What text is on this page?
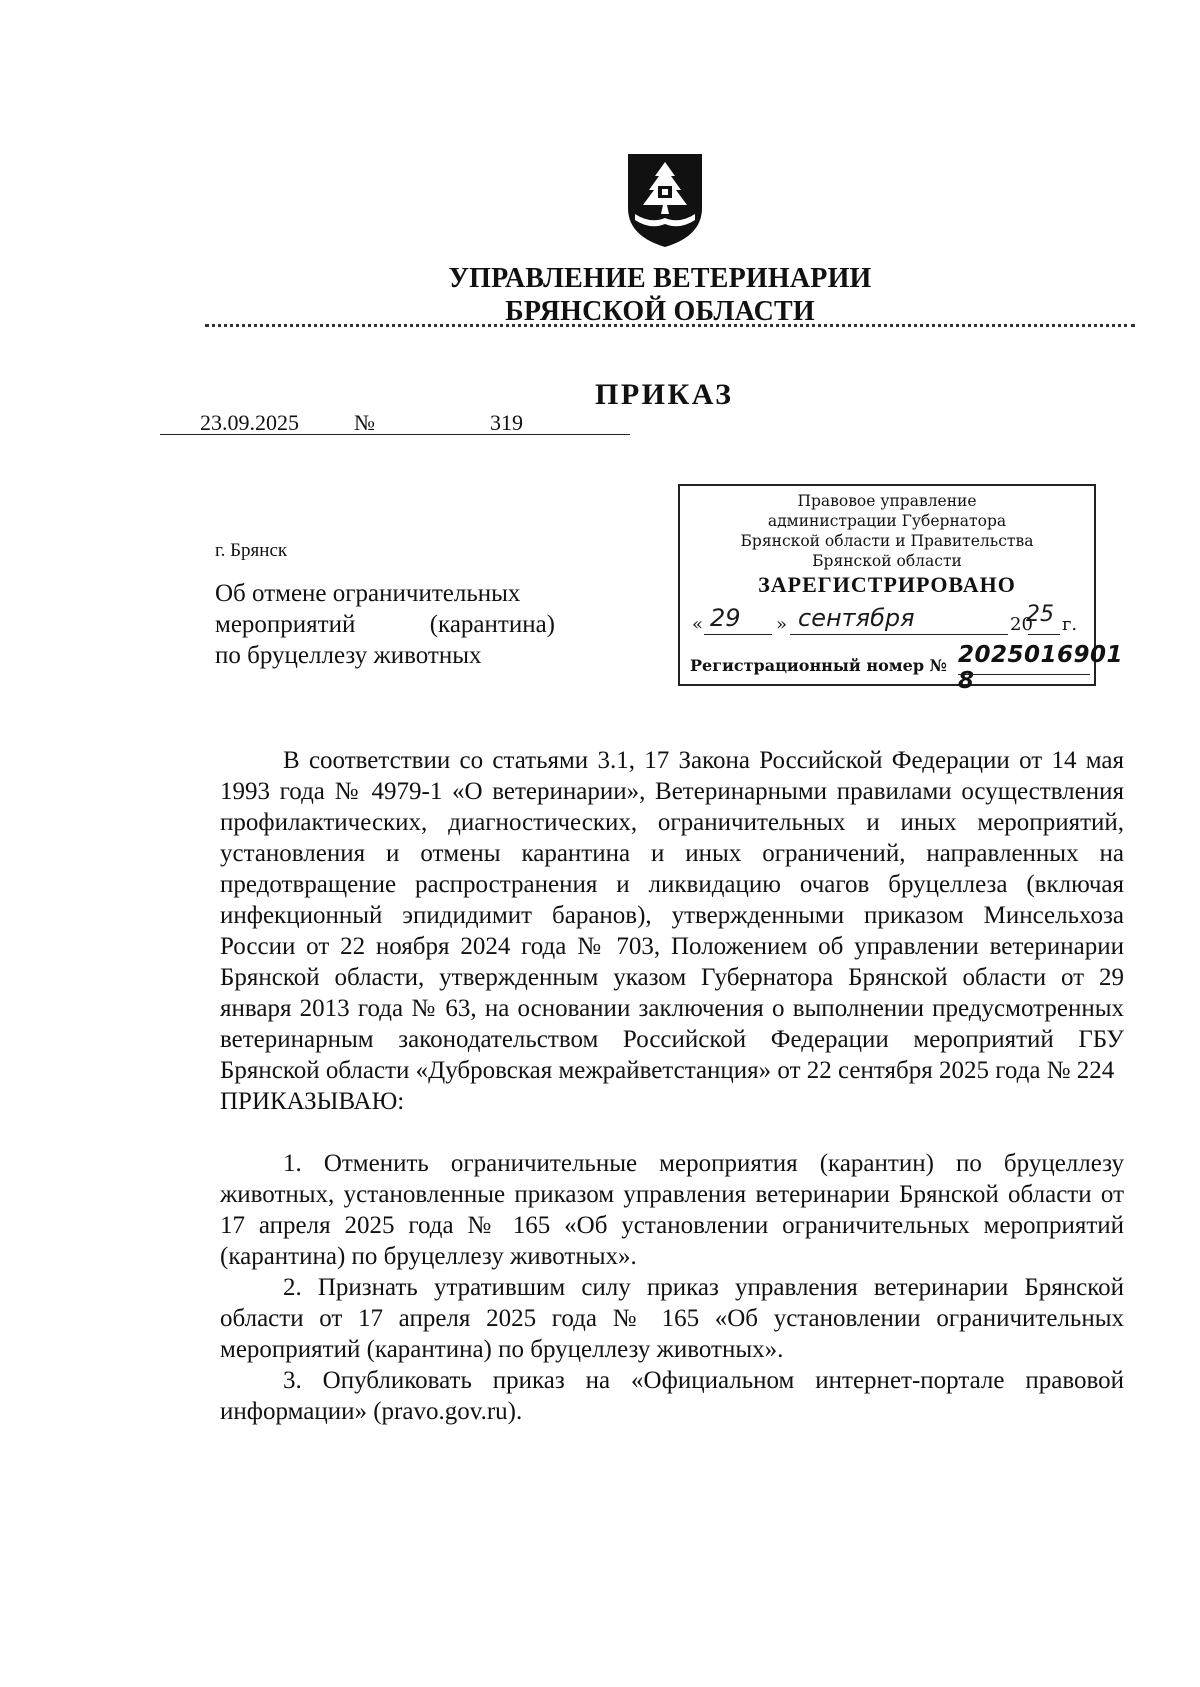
УПРАВЛЕНИЕ ВЕТЕРИНАРИИ
БРЯНСКОЙ ОБЛАСТИ
ПРИКАЗ
23.09.2025	№	319
Правовое управление
администрации Губернатора
Брянской области и Правительства
Брянской области
ЗАРЕГИСТРИРОВАНО
« 29 » сентября	20
25 г.
Регистрационный номер № 2025016901 8
г. Брянск
Об отмене ограничительных
мероприятий (карантина)
по бруцеллезу животных

В соответствии со статьями 3.1, 17 Закона Российской Федерации от 14 мая 1993 года № 4979-1 «О ветеринарии», Ветеринарными правилами осуществления профилактических, диагностических, ограничительных и иных мероприятий, установления и отмены карантина и иных ограничений, направленных на предотвращение распространения и ликвидацию очагов бруцеллеза (включая инфекционный эпидидимит баранов), утвержденными приказом Минсельхоза России от 22 ноября 2024 года № 703, Положением об управлении ветеринарии Брянской области, утвержденным указом Губернатора Брянской области от 29 января 2013 года № 63, на основании заключения о выполнении предусмотренных ветеринарным законодательством Российской Федерации мероприятий ГБУ Брянской области «Дубровская межрайветстанция» от 22 сентября 2025 года № 224

ПРИКАЗЫВАЮ:

1. Отменить ограничительные мероприятия (карантин) по бруцеллезу животных, установленные приказом управления ветеринарии Брянской области от 17 апреля 2025 года № 165 «Об установлении ограничительных мероприятий (карантина) по бруцеллезу животных».

2. Признать утратившим силу приказ управления ветеринарии Брянской области от 17 апреля 2025 года № 165 «Об установлении ограничительных мероприятий (карантина) по бруцеллезу животных».

3. Опубликовать приказ на «Официальном интернет-портале правовой информации» (pravo.gov.ru).
